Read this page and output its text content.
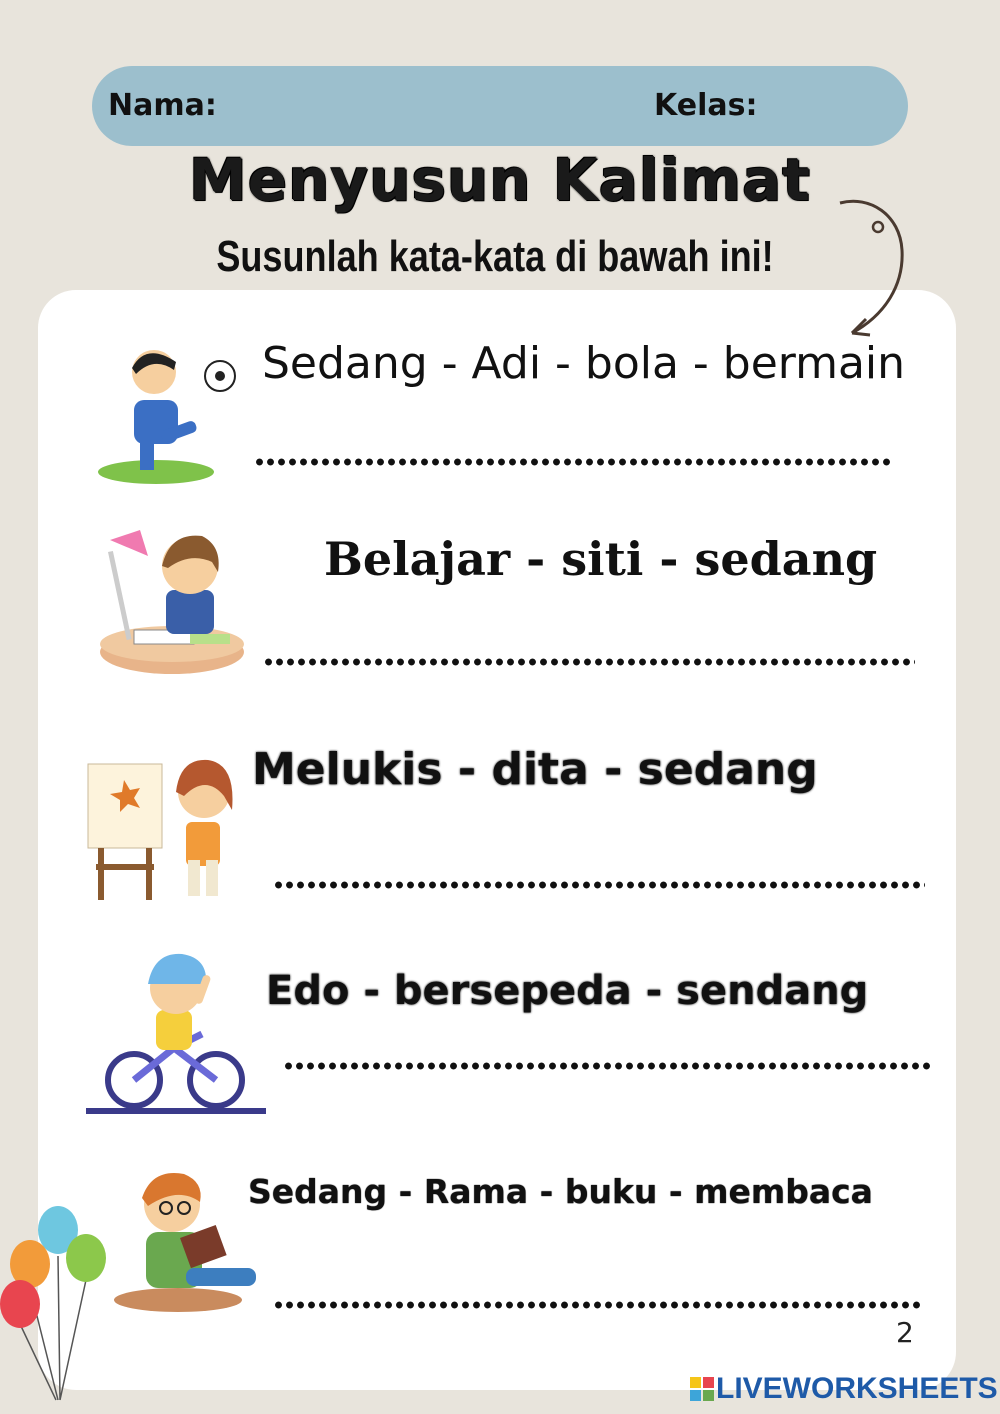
Nama:	Kelas:
Menyusun Kalimat
Susunlah kata-kata di bawah ini!
Sedang - Adi - bola - bermain
Belajar - siti - sedang
Melukis - dita - sedang
Edo - bersepeda - sendang
Sedang - Rama - buku - membaca
2
LIVEWORKSHEETS
